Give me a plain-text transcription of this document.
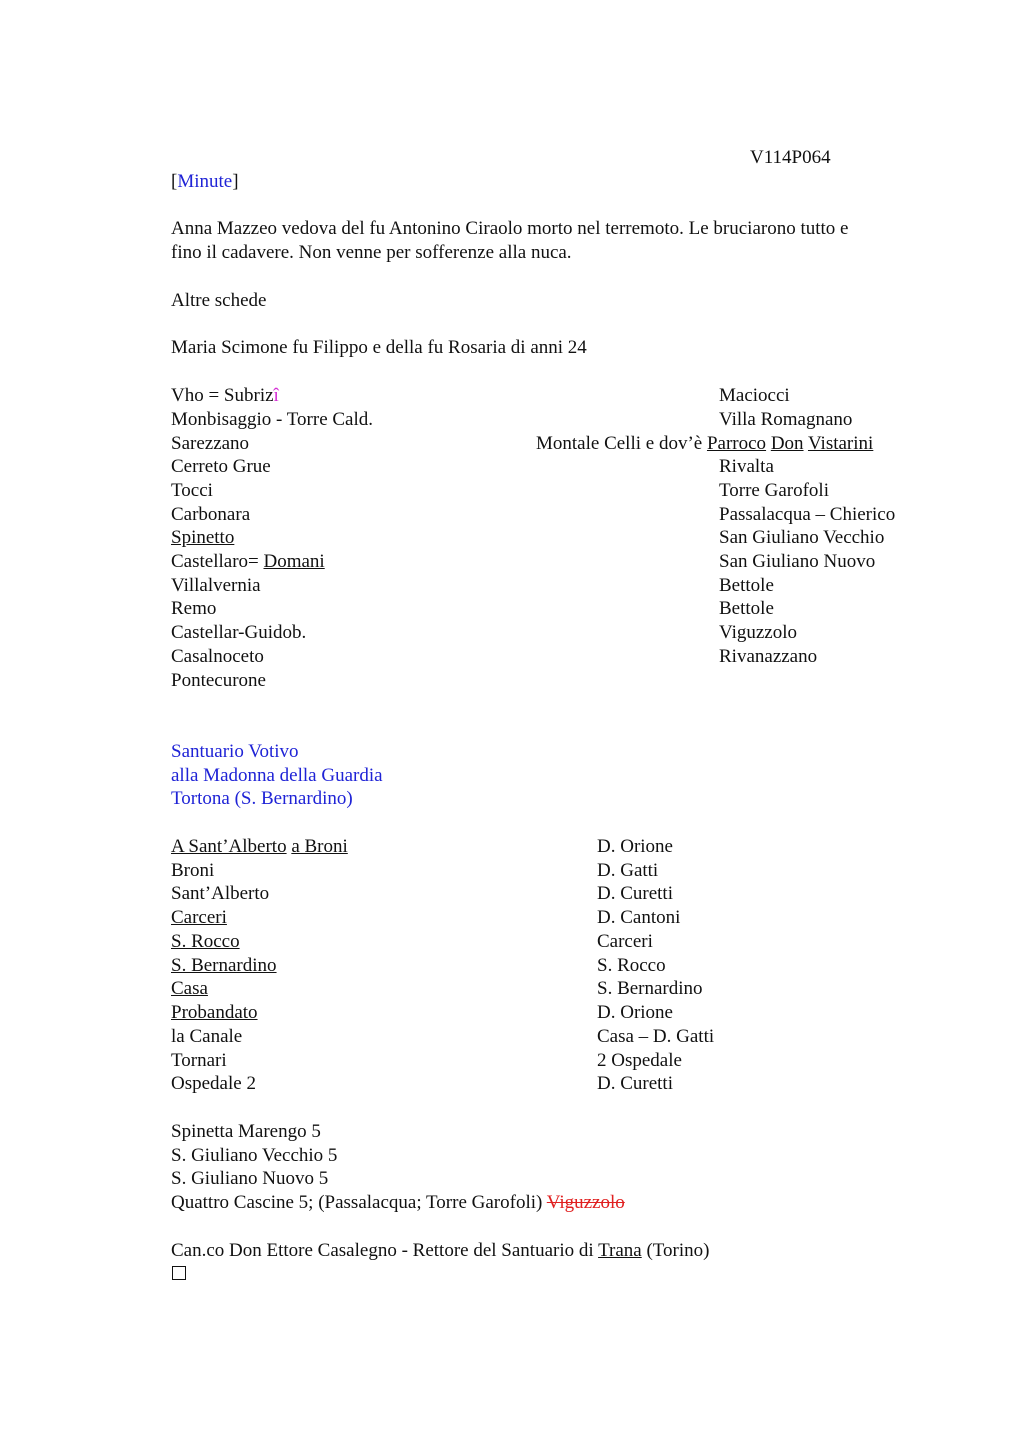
V114P064
[Minute]
Anna Mazzeo vedova del fu Antonino Ciraolo morto nel terremoto. Le bruciarono tutto e
fino il cadavere. Non venne per sofferenze alla nuca.
Altre schede
Maria Scimone fu Filippo e della fu Rosaria di anni 24
Vho = Subrizî
Monbisaggio - Torre Cald.
Sarezzano
Cerreto Grue
Tocci
Carbonara
Spinetto
Castellaro= Domani
Villalvernia
Remo
Castellar-Guidob.
Casalnoceto
Pontecurone
Maciocci
Villa Romagnano
Montale Celli e dov’è Parroco Don Vistarini
Rivalta
Torre Garofoli
Passalacqua – Chierico
San Giuliano Vecchio
San Giuliano Nuovo
Bettole
Bettole
Viguzzolo
Rivanazzano
Santuario Votivo
alla Madonna della Guardia
Tortona (S. Bernardino)
A Sant’Alberto a Broni
Broni
Sant’Alberto
Carceri
S. Rocco
S. Bernardino
Casa
Probandato
la Canale
Tornari
Ospedale 2
D. Orione
D. Gatti
D. Curetti
D. Cantoni
Carceri
S. Rocco
S. Bernardino
D. Orione
Casa – D. Gatti
2 Ospedale
D. Curetti
Spinetta Marengo 5
S. Giuliano Vecchio 5
S. Giuliano Nuovo 5
Quattro Cascine 5; (Passalacqua; Torre Garofoli) Viguzzolo
Can.co Don Ettore Casalegno - Rettore del Santuario di Trana (Torino)
